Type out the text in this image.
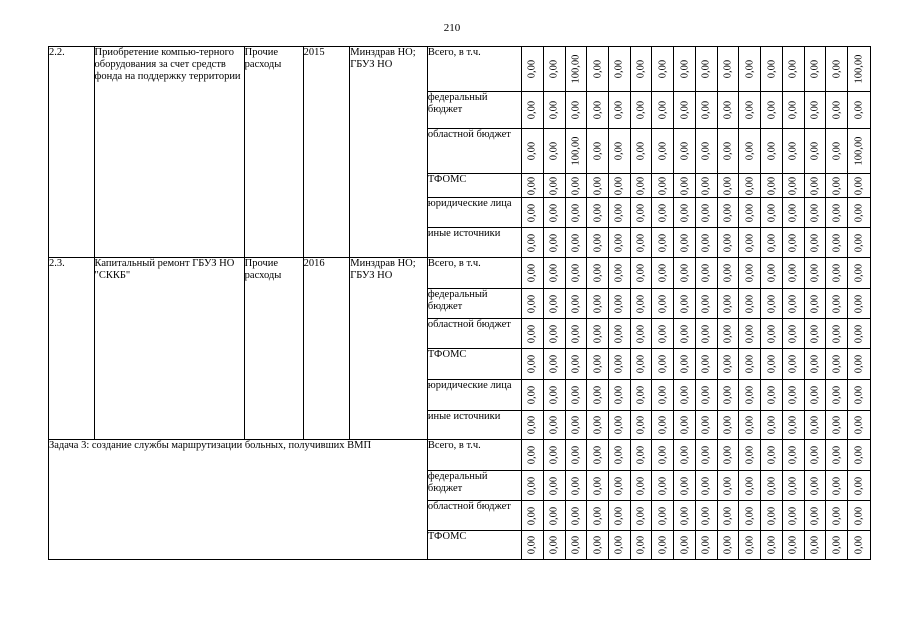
210
2.2.	Приобретение компью-терного оборудования за счет средств фонда на поддержку территории	Прочие расходы	2015	Минздрав НО; ГБУЗ НО	Всего, в т.ч.	0,00	0,00	100,00	0,00	0,00	0,00	0,00	0,00	0,00	0,00	0,00	0,00	0,00	0,00	0,00	100,00

					федеральный бюджет	0,00	0,00	0,00	0,00	0,00	0,00	0,00	0,00	0,00	0,00	0,00	0,00	0,00	0,00	0,00	0,00

					областной бюджет	0,00	0,00	100,00	0,00	0,00	0,00	0,00	0,00	0,00	0,00	0,00	0,00	0,00	0,00	0,00	100,00

					ТФОМС	0,00	0,00	0,00	0,00	0,00	0,00	0,00	0,00	0,00	0,00	0,00	0,00	0,00	0,00	0,00	0,00

					юридические лица	0,00	0,00	0,00	0,00	0,00	0,00	0,00	0,00	0,00	0,00	0,00	0,00	0,00	0,00	0,00	0,00

					иные источники	0,00	0,00	0,00	0,00	0,00	0,00	0,00	0,00	0,00	0,00	0,00	0,00	0,00	0,00	0,00	0,00

2.3.	Капитальный ремонт ГБУЗ НО "СККБ"	Прочие расходы	2016	Минздрав НО; ГБУЗ НО	Всего, в т.ч.	0,00	0,00	0,00	0,00	0,00	0,00	0,00	0,00	0,00	0,00	0,00	0,00	0,00	0,00	0,00	0,00

					федеральный бюджет	0,00	0,00	0,00	0,00	0,00	0,00	0,00	0,00	0,00	0,00	0,00	0,00	0,00	0,00	0,00	0,00

					областной бюджет	0,00	0,00	0,00	0,00	0,00	0,00	0,00	0,00	0,00	0,00	0,00	0,00	0,00	0,00	0,00	0,00

					ТФОМС	0,00	0,00	0,00	0,00	0,00	0,00	0,00	0,00	0,00	0,00	0,00	0,00	0,00	0,00	0,00	0,00

					юридические лица	0,00	0,00	0,00	0,00	0,00	0,00	0,00	0,00	0,00	0,00	0,00	0,00	0,00	0,00	0,00	0,00

					иные источники	0,00	0,00	0,00	0,00	0,00	0,00	0,00	0,00	0,00	0,00	0,00	0,00	0,00	0,00	0,00	0,00

Задача 3: создание службы маршрутизации больных, получивших ВМП					Всего, в т.ч.	0,00	0,00	0,00	0,00	0,00	0,00	0,00	0,00	0,00	0,00	0,00	0,00	0,00	0,00	0,00	0,00

					федеральный бюджет	0,00	0,00	0,00	0,00	0,00	0,00	0,00	0,00	0,00	0,00	0,00	0,00	0,00	0,00	0,00	0,00

					областной бюджет	0,00	0,00	0,00	0,00	0,00	0,00	0,00	0,00	0,00	0,00	0,00	0,00	0,00	0,00	0,00	0,00

					ТФОМС	0,00	0,00	0,00	0,00	0,00	0,00	0,00	0,00	0,00	0,00	0,00	0,00	0,00	0,00	0,00	0,00
